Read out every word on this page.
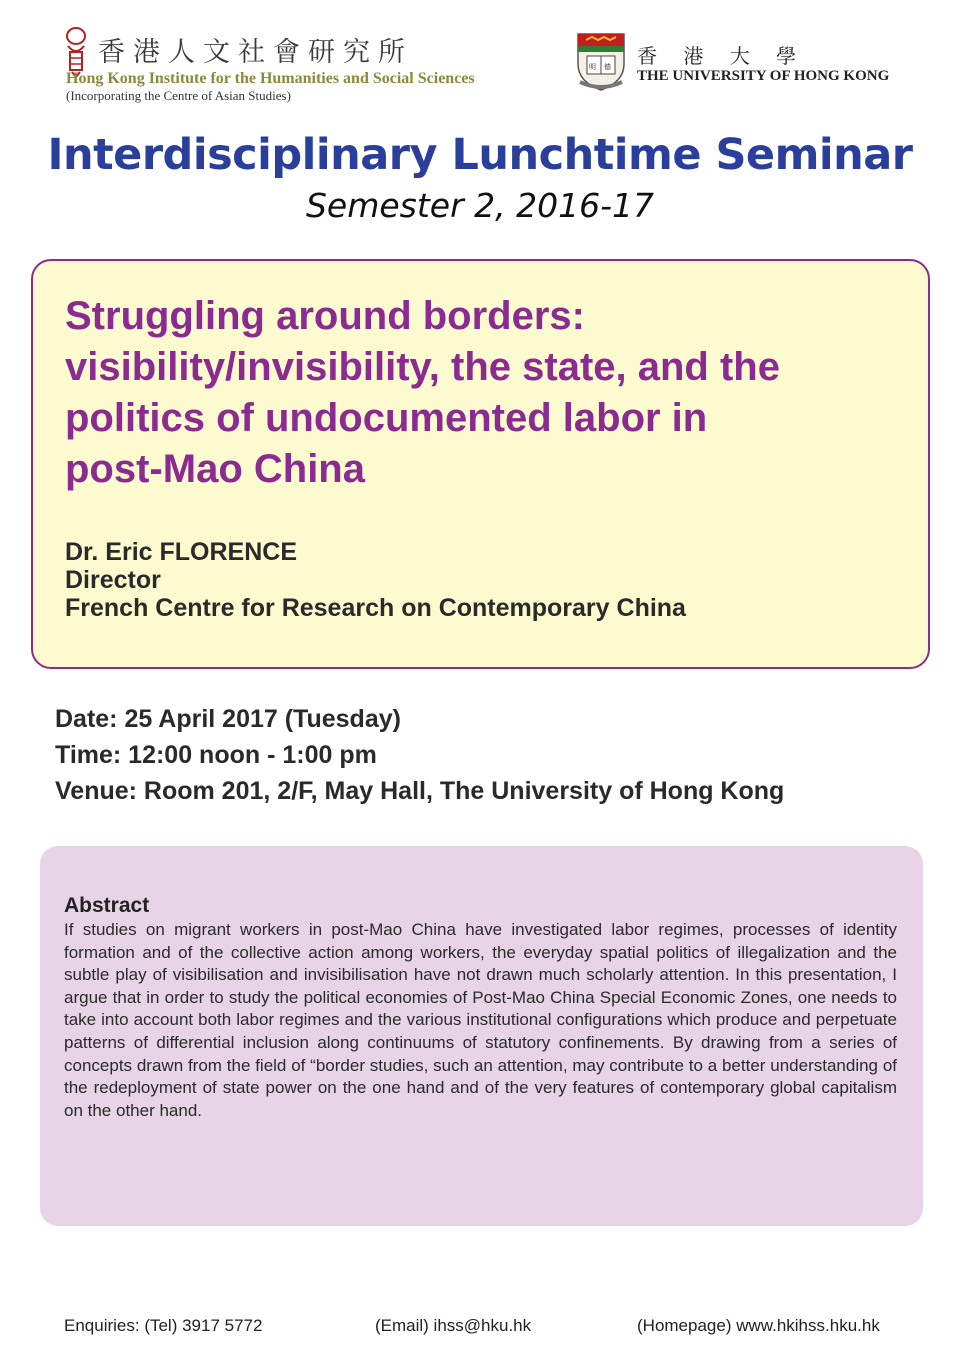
香港人文社會研究所
Hong Kong Institute for the Humanities and Social Sciences
(Incorporating the Centre of Asian Studies)
明 德 香 港 大 學
THE UNIVERSITY OF HONG KONG
Interdisciplinary Lunchtime Seminar
Semester 2, 2016-17
Struggling around borders:
visibility/invisibility, the state, and the
politics of undocumented labor in
post-Mao China
Dr. Eric FLORENCE
Director
French Centre for Research on Contemporary China
Date: 25 April 2017 (Tuesday)
Time: 12:00 noon - 1:00 pm
Venue: Room 201, 2/F, May Hall, The University of Hong Kong
Abstract
If studies on migrant workers in post-Mao China have investigated labor regimes, processes of identity formation and of the collective action among workers, the everyday spatial politics of illegalization and the subtle play of visibilisation and invisibilisation have not drawn much scholarly attention. In this presentation, I argue that in order to study the political economies of Post-Mao China Special Economic Zones, one needs to take into account both labor regimes and the various institutional configurations which produce and perpetuate patterns of differential inclusion along continuums of statutory confinements. By drawing from a series of concepts drawn from the field of “border studies, such an attention, may contribute to a better understanding of the redeployment of state power on the one hand and of the very features of contemporary global capitalism on the other hand.
Enquiries: (Tel) 3917 5772	(Email) ihss@hku.hk	(Homepage) www.hkihss.hku.hk
